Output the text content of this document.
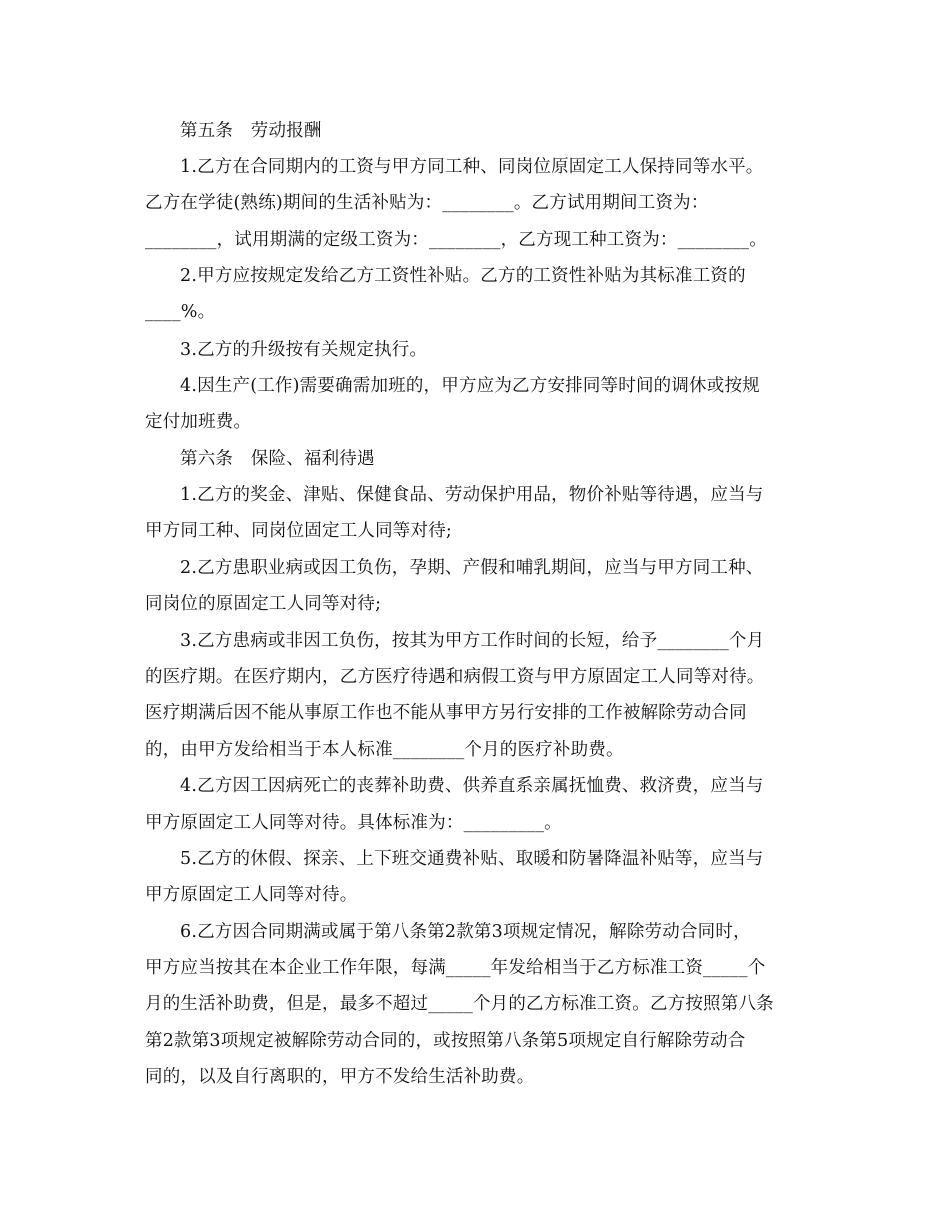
第五条　劳动报酬
1.乙方在合同期内的工资与甲方同工种、同岗位原固定工人保持同等水平。
乙方在学徒(熟练)期间的生活补贴为：________。乙方试用期间工资为：
________，试用期满的定级工资为：________，乙方现工种工资为：________。
2.甲方应按规定发给乙方工资性补贴。乙方的工资性补贴为其标准工资的
____%。
3.乙方的升级按有关规定执行。
4.因生产(工作)需要确需加班的，甲方应为乙方安排同等时间的调休或按规
定付加班费。
第六条　保险、福利待遇
1.乙方的奖金、津贴、保健食品、劳动保护用品，物价补贴等待遇，应当与
甲方同工种、同岗位固定工人同等对待;
2.乙方患职业病或因工负伤，孕期、产假和哺乳期间，应当与甲方同工种、
同岗位的原固定工人同等对待;
3.乙方患病或非因工负伤，按其为甲方工作时间的长短，给予________个月
的医疗期。在医疗期内，乙方医疗待遇和病假工资与甲方原固定工人同等对待。
医疗期满后因不能从事原工作也不能从事甲方另行安排的工作被解除劳动合同
的，由甲方发给相当于本人标准________个月的医疗补助费。
4.乙方因工因病死亡的丧葬补助费、供养直系亲属抚恤费、救济费，应当与
甲方原固定工人同等对待。具体标准为：_________。
5.乙方的休假、探亲、上下班交通费补贴、取暖和防暑降温补贴等，应当与
甲方原固定工人同等对待。
6.乙方因合同期满或属于第八条第2款第3项规定情况，解除劳动合同时，
甲方应当按其在本企业工作年限，每满_____年发给相当于乙方标准工资_____个
月的生活补助费，但是，最多不超过_____个月的乙方标准工资。乙方按照第八条
第2款第3项规定被解除劳动合同的，或按照第八条第5项规定自行解除劳动合
同的，以及自行离职的，甲方不发给生活补助费。
